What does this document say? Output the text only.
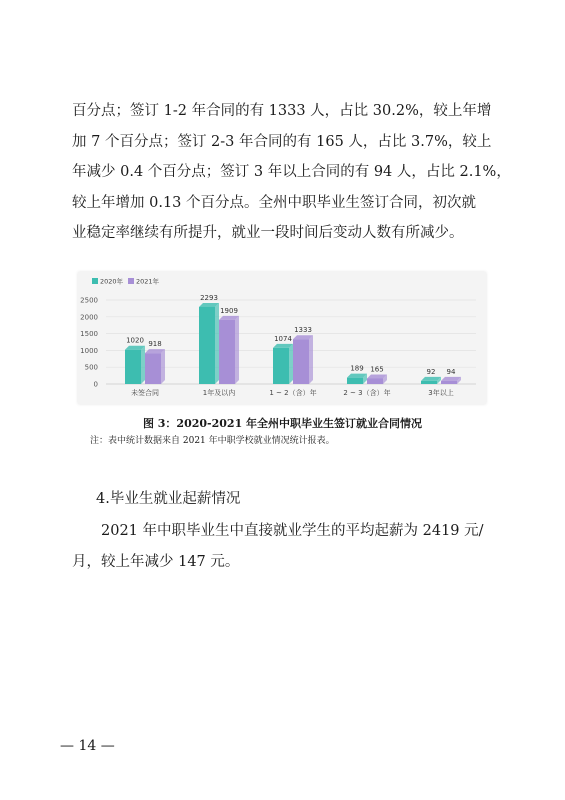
百分点；签订 1-2 年合同的有 1333 人，占比 30.2%，较上年增
加 7 个百分点；签订 2-3 年合同的有 165 人，占比 3.7%，较上
年减少 0.4 个百分点；签订 3 年以上合同的有 94 人，占比 2.1%，
较上年增加 0.13 个百分点。全州中职毕业生签订合同，初次就
业稳定率继续有所提升，就业一段时间后变动人数有所减少。

0
500
1000
1500
2000
2500
2020年 2021年
1020 918
未签合同
2293
1909
1年及以内
1074
1333
1 ~ 2（含）年
189 165
2 ~ 3（含）年
92 94
3年以上
图 3：2020-2021 年全州中职毕业生签订就业合同情况
注：表中统计数据来自 2021 年中职学校就业情况统计报表。
4.毕业生就业起薪情况

2021 年中职毕业生中直接就业学生的平均起薪为 2419 元/
月，较上年减少 147 元。

— 14 —
